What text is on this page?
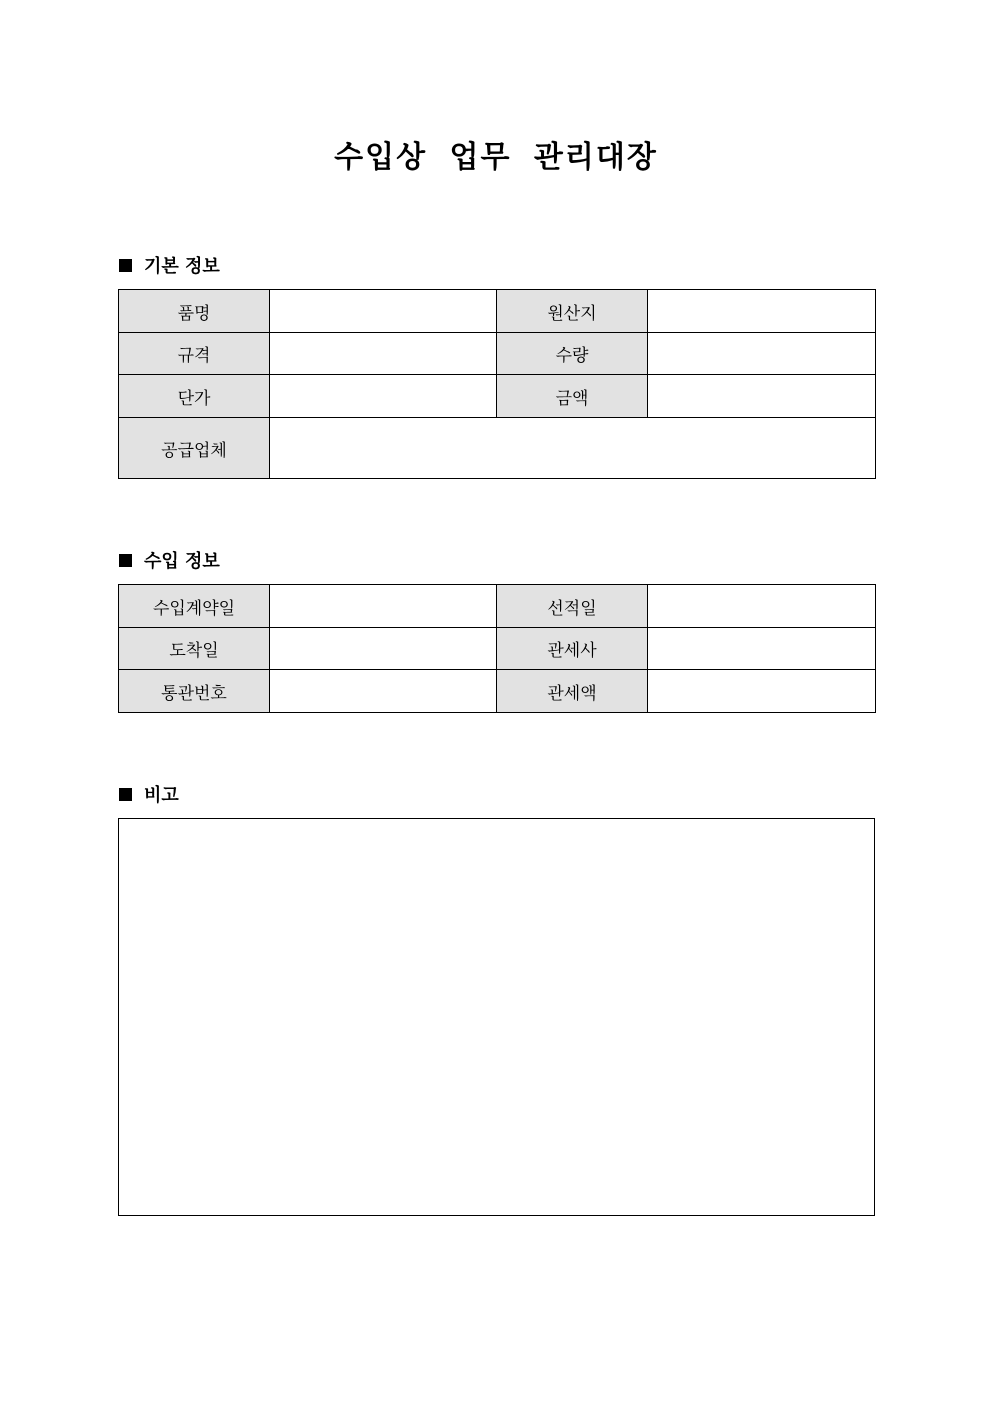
수입상 업무 관리대장
기본 정보
품명		원산지	
규격		수량	
단가		금액	
공급업체			
수입 정보
수입계약일		선적일	
도착일		관세사	
통관번호		관세액	
비고
